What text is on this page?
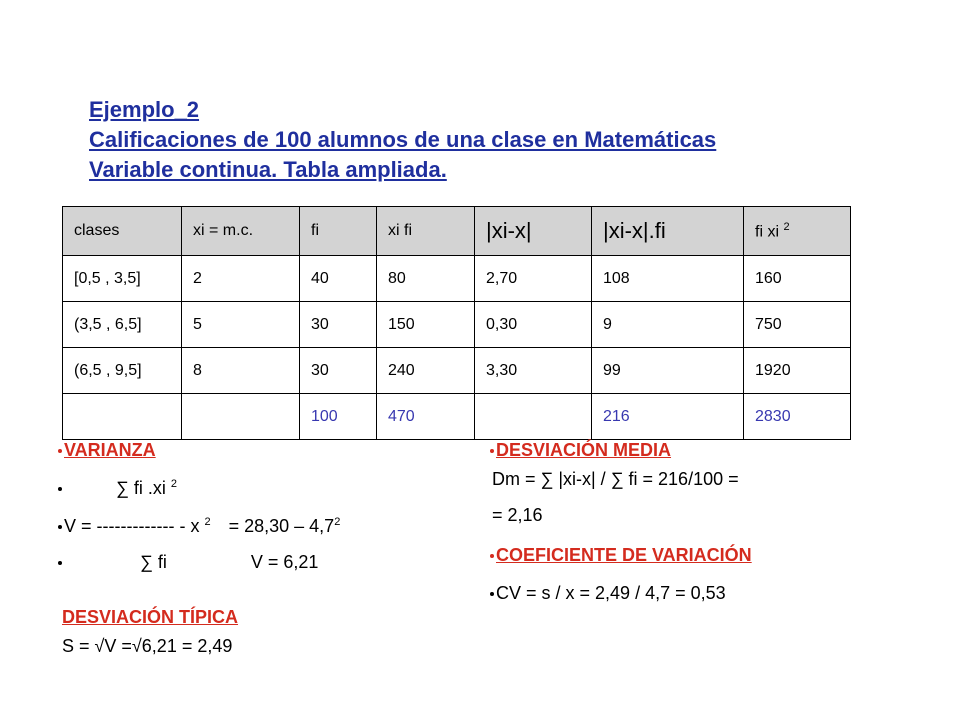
Ejemplo_2
Calificaciones de 100 alumnos de una clase en Matemáticas
Variable continua. Tabla ampliada.
clases	xi = m.c.	fi	xi fi	|xi-x|	|xi-x|.fi	fi xi $^2$
[0,5 , 3,5]	2	40	80	2,70	108	160
(3,5 , 6,5]	5	30	150	0,30	9	750
(6,5 , 9,5]	8	30	240	3,30	99	1920
		100	470		216	2830
VARIANZA
∑ fi .xi $^2$
V = ------------- - x $^2 = 28,30 - 4,7^2$
∑ fi	V = 6,21
DESVIACIÓN TÍPICA
S = √V =√6,21 = 2,49
DESVIACIÓN MEDIA
Dm = ∑ |xi-x| / ∑ fi = 216/100 =
= 2,16
COEFICIENTE DE VARIACIÓN
CV = s / x = 2,49 / 4,7 = 0,53
